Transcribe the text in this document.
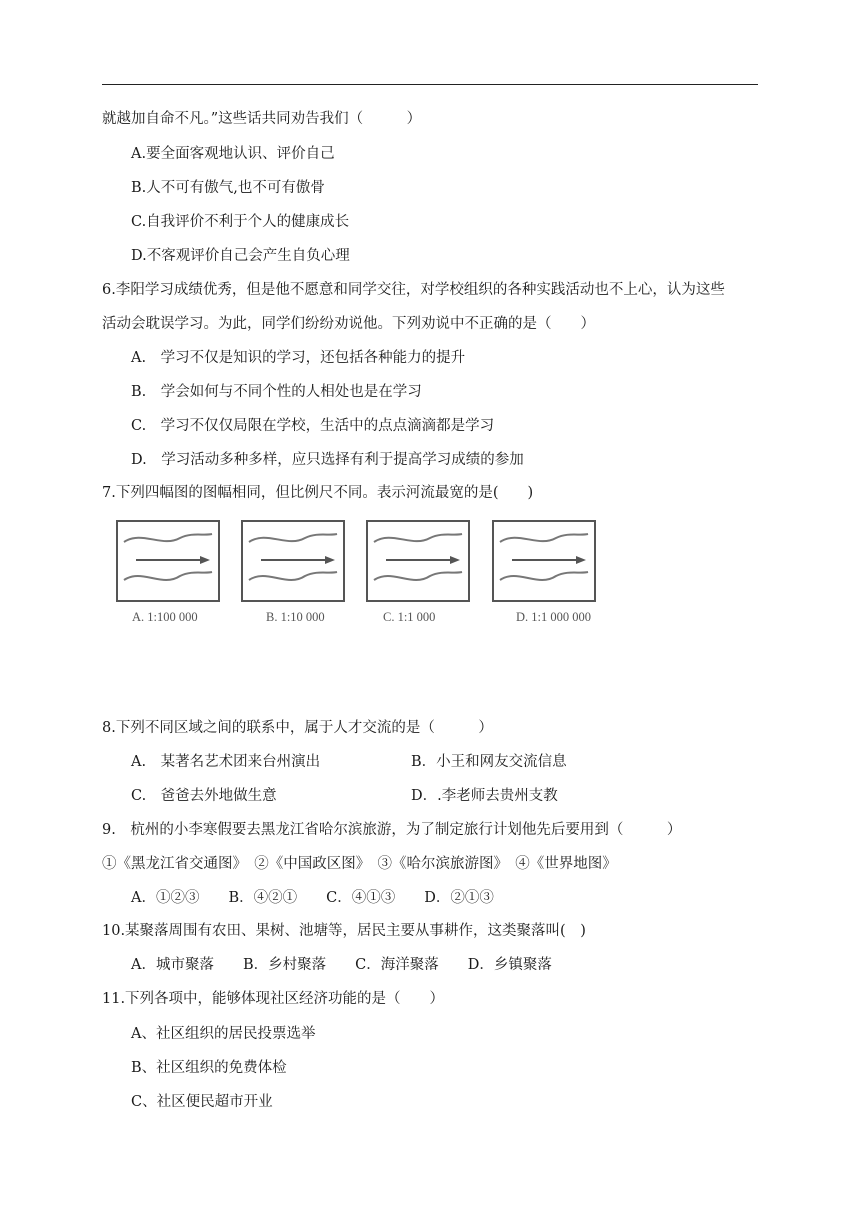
就越加自命不凡。”这些话共同劝告我们（　　　）
A.要全面客观地认识、评价自己
B.人不可有傲气,也不可有傲骨
C.自我评价不利于个人的健康成长
D.不客观评价自己会产生自负心理
6.李阳学习成绩优秀，但是他不愿意和同学交往，对学校组织的各种实践活动也不上心，认为这些
活动会耽误学习。为此，同学们纷纷劝说他。下列劝说中不正确的是（　　）
A.　学习不仅是知识的学习，还包括各种能力的提升
B.　学会如何与不同个性的人相处也是在学习
C.　学习不仅仅局限在学校，生活中的点点滴滴都是学习
D.　学习活动多种多样，应只选择有利于提高学习成绩的参加
7.下列四幅图的图幅相同，但比例尺不同。表示河流最宽的是(　　)
A. 1:100 000	B. 1:10 000	C. 1:1 000	D. 1:1 000 000
8.下列不同区域之间的联系中，属于人才交流的是（　　　）
A.　某著名艺术团来台州演出	B．小王和网友交流信息
C.　爸爸去外地做生意	D．.李老师去贵州支教
9.　杭州的小李寒假要去黑龙江省哈尔滨旅游，为了制定旅行计划他先后要用到（　　　）
①《黑龙江省交通图》　②《中国政区图》　③《哈尔滨旅游图》　④《世界地图》
A．①②③　　B．④②①　　C．④①③　　D．②①③
10.某聚落周围有农田、果树、池塘等，居民主要从事耕作，这类聚落叫(　)
A．城市聚落　　B．乡村聚落　　C．海洋聚落　　D．乡镇聚落
11.下列各项中，能够体现社区经济功能的是（　　）
A、社区组织的居民投票选举
B、社区组织的免费体检
C、社区便民超市开业
